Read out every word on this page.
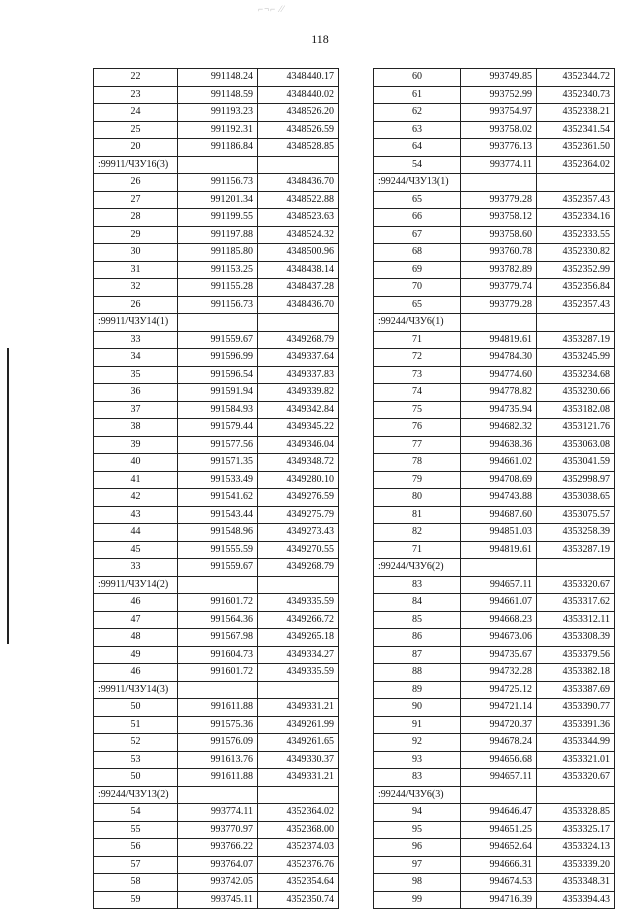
⌐¬⌐ ⁄⁄
118
22	991148.24	4348440.17
23	991148.59	4348440.02
24	991193.23	4348526.20
25	991192.31	4348526.59
20	991186.84	4348528.85
:99911/ЧЗУ16(3)		
26	991156.73	4348436.70
27	991201.34	4348522.88
28	991199.55	4348523.63
29	991197.88	4348524.32
30	991185.80	4348500.96
31	991153.25	4348438.14
32	991155.28	4348437.28
26	991156.73	4348436.70
:99911/ЧЗУ14(1)		
33	991559.67	4349268.79
34	991596.99	4349337.64
35	991596.54	4349337.83
36	991591.94	4349339.82
37	991584.93	4349342.84
38	991579.44	4349345.22
39	991577.56	4349346.04
40	991571.35	4349348.72
41	991533.49	4349280.10
42	991541.62	4349276.59
43	991543.44	4349275.79
44	991548.96	4349273.43
45	991555.59	4349270.55
33	991559.67	4349268.79
:99911/ЧЗУ14(2)		
46	991601.72	4349335.59
47	991564.36	4349266.72
48	991567.98	4349265.18
49	991604.73	4349334.27
46	991601.72	4349335.59
:99911/ЧЗУ14(3)		
50	991611.88	4349331.21
51	991575.36	4349261.99
52	991576.09	4349261.65
53	991613.76	4349330.37
50	991611.88	4349331.21
:99244/ЧЗУ13(2)		
54	993774.11	4352364.02
55	993770.97	4352368.00
56	993766.22	4352374.03
57	993764.07	4352376.76
58	993742.05	4352354.64
59	993745.11	4352350.74
60	993749.85	4352344.72
61	993752.99	4352340.73
62	993754.97	4352338.21
63	993758.02	4352341.54
64	993776.13	4352361.50
54	993774.11	4352364.02
:99244/ЧЗУ13(1)		
65	993779.28	4352357.43
66	993758.12	4352334.16
67	993758.60	4352333.55
68	993760.78	4352330.82
69	993782.89	4352352.99
70	993779.74	4352356.84
65	993779.28	4352357.43
:99244/ЧЗУ6(1)		
71	994819.61	4353287.19
72	994784.30	4353245.99
73	994774.60	4353234.68
74	994778.82	4353230.66
75	994735.94	4353182.08
76	994682.32	4353121.76
77	994638.36	4353063.08
78	994661.02	4353041.59
79	994708.69	4352998.97
80	994743.88	4353038.65
81	994687.60	4353075.57
82	994851.03	4353258.39
71	994819.61	4353287.19
:99244/ЧЗУ6(2)		
83	994657.11	4353320.67
84	994661.07	4353317.62
85	994668.23	4353312.11
86	994673.06	4353308.39
87	994735.67	4353379.56
88	994732.28	4353382.18
89	994725.12	4353387.69
90	994721.14	4353390.77
91	994720.37	4353391.36
92	994678.24	4353344.99
93	994656.68	4353321.01
83	994657.11	4353320.67
:99244/ЧЗУ6(3)		
94	994646.47	4353328.85
95	994651.25	4353325.17
96	994652.64	4353324.13
97	994666.31	4353339.20
98	994674.53	4353348.31
99	994716.39	4353394.43
